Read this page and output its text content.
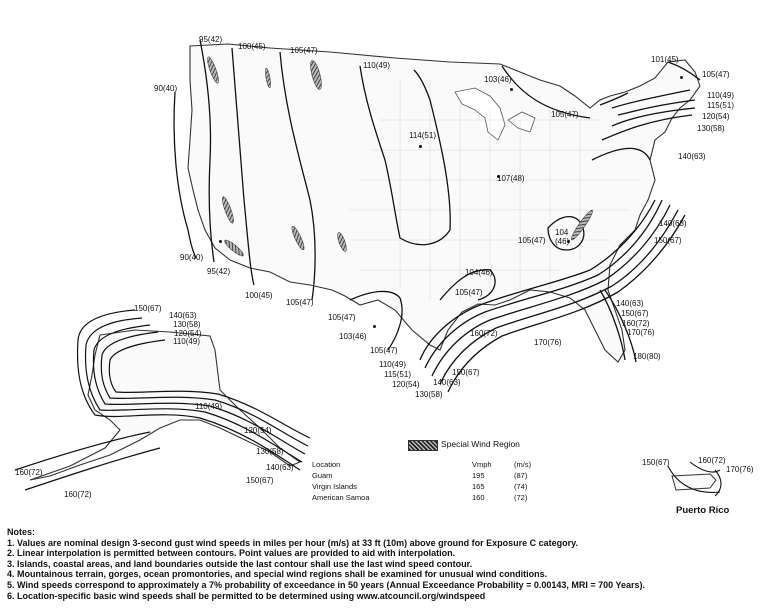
90(40)
95(42)
100(45)	105(47)
110(49)
103(46)
105(47)
101(45)
105(47)
110(49)
115(51)
120(54)
130(58)
140(63)
114(51)
107(48)
140(63)
150(67)
104
(46)
105(47)
90(40)
95(42)
100(45)
105(47)
104(46)
105(47)
105(47)
103(46)
105(47)
110(49)
115(51)
120(54)
130(58)
140(63)
150(67)
160(72)
170(76)
140(63)
150(67)
160(72)
170(76)
180(80)
150(67)
140(63)
130(58)
120(54)
110(49)
110(49)
120(54)
130(58)
140(63)
150(67)
160(72)
160(72)
150(67)	160(72)
170(76)
Puerto Rico
Special Wind Region
Location
Guam
Virgin Islands
American Samoa
Vmph
195
165
160
(m/s)
(87)
(74)
(72)
Notes:
1. Values are nominal design 3-second gust wind speeds in miles per hour (m/s) at 33 ft (10m) above ground for Exposure C category.
2. Linear interpolation is permitted between contours. Point values are provided to aid with interpolation.
3. Islands, coastal areas, and land boundaries outside the last contour shall use the last wind speed contour.
4. Mountainous terrain, gorges, ocean promontories, and special wind regions shall be examined for unusual wind conditions.
5. Wind speeds correspond to approximately a 7% probability of exceedance in 50 years (Annual Exceedance Probability = 0.00143, MRI = 700 Years).
6. Location-specific basic wind speeds shall be permitted to be determined using www.atcouncil.org/windspeed
